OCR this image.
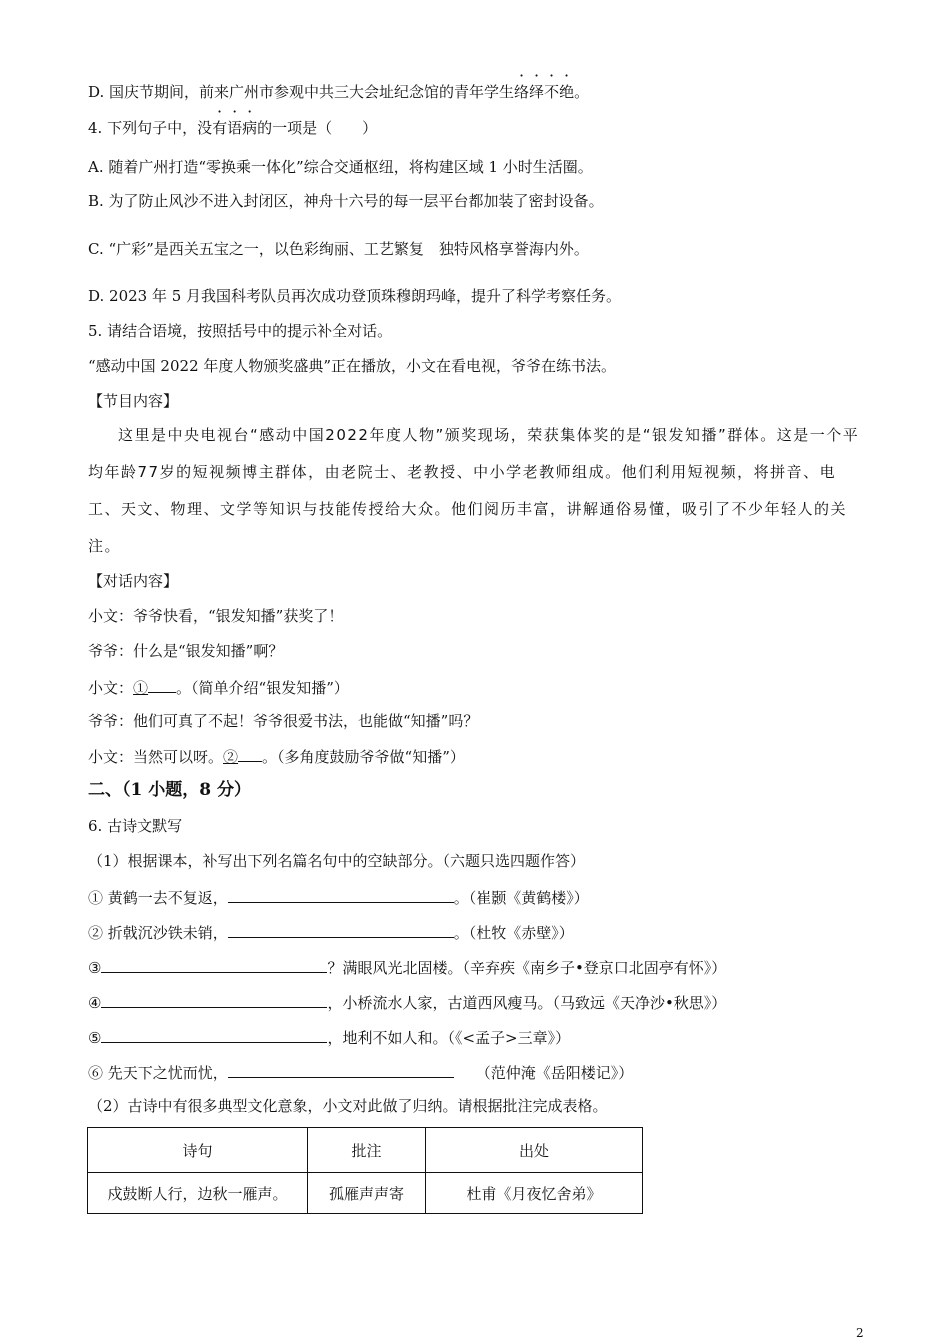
D. 国庆节期间，前来广州市参观中共三大会址纪念馆的青年学生络绎不绝。
4. 下列句子中，没有语病的一项是（　　）
A. 随着广州打造“零换乘一体化”综合交通枢纽，将构建区域 1 小时生活圈。
B. 为了防止风沙不进入封闭区，神舟十六号的每一层平台都加装了密封设备。
C. “广彩”是西关五宝之一，以色彩绚丽、工艺繁复　独特风格享誉海内外。
D. 2023 年 5 月我国科考队员再次成功登顶珠穆朗玛峰，提升了科学考察任务。
5. 请结合语境，按照括号中的提示补全对话。
“感动中国 2022 年度人物颁奖盛典”正在播放，小文在看电视，爷爷在练书法。
【节目内容】
这里是中央电视台“感动中国2022年度人物”颁奖现场，荣获集体奖的是“银发知播”群体。这是一个平均年龄77岁的短视频博主群体，由老院士、老教授、中小学老教师组成。他们利用短视频，将拼音、电工、天文、物理、文学等知识与技能传授给大众。他们阅历丰富，讲解通俗易懂，吸引了不少年轻人的关注。
【对话内容】
小文：爷爷快看，“银发知播”获奖了！
爷爷：什么是“银发知播”啊？
小文：① 。（简单介绍“银发知播”）
爷爷：他们可真了不起！爷爷很爱书法，也能做“知播”吗？
小文：当然可以呀。② 。（多角度鼓励爷爷做“知播”）
二、（1 小题，8 分）
6. 古诗文默写
（1）根据课本，补写出下列名篇名句中的空缺部分。（六题只选四题作答）
① 黄鹤一去不复返，	。（崔颢《黄鹤楼》）
② 折戟沉沙铁未销，	。（杜牧《赤壁》）
③	？满眼风光北固楼。（辛弃疾《南乡子•登京口北固亭有怀》）
④	，小桥流水人家，古道西风瘦马。（马致远《天净沙•秋思》）
⑤	，地利不如人和。（《<孟子>三章》）
⑥ 先天下之忧而忧，	（范仲淹《岳阳楼记》）
（2）古诗中有很多典型文化意象，小文对此做了归纳。请根据批注完成表格。
诗句	批注	出处
戍鼓断人行，边秋一雁声。	孤雁声声寄	杜甫《月夜忆舍弟》
2
